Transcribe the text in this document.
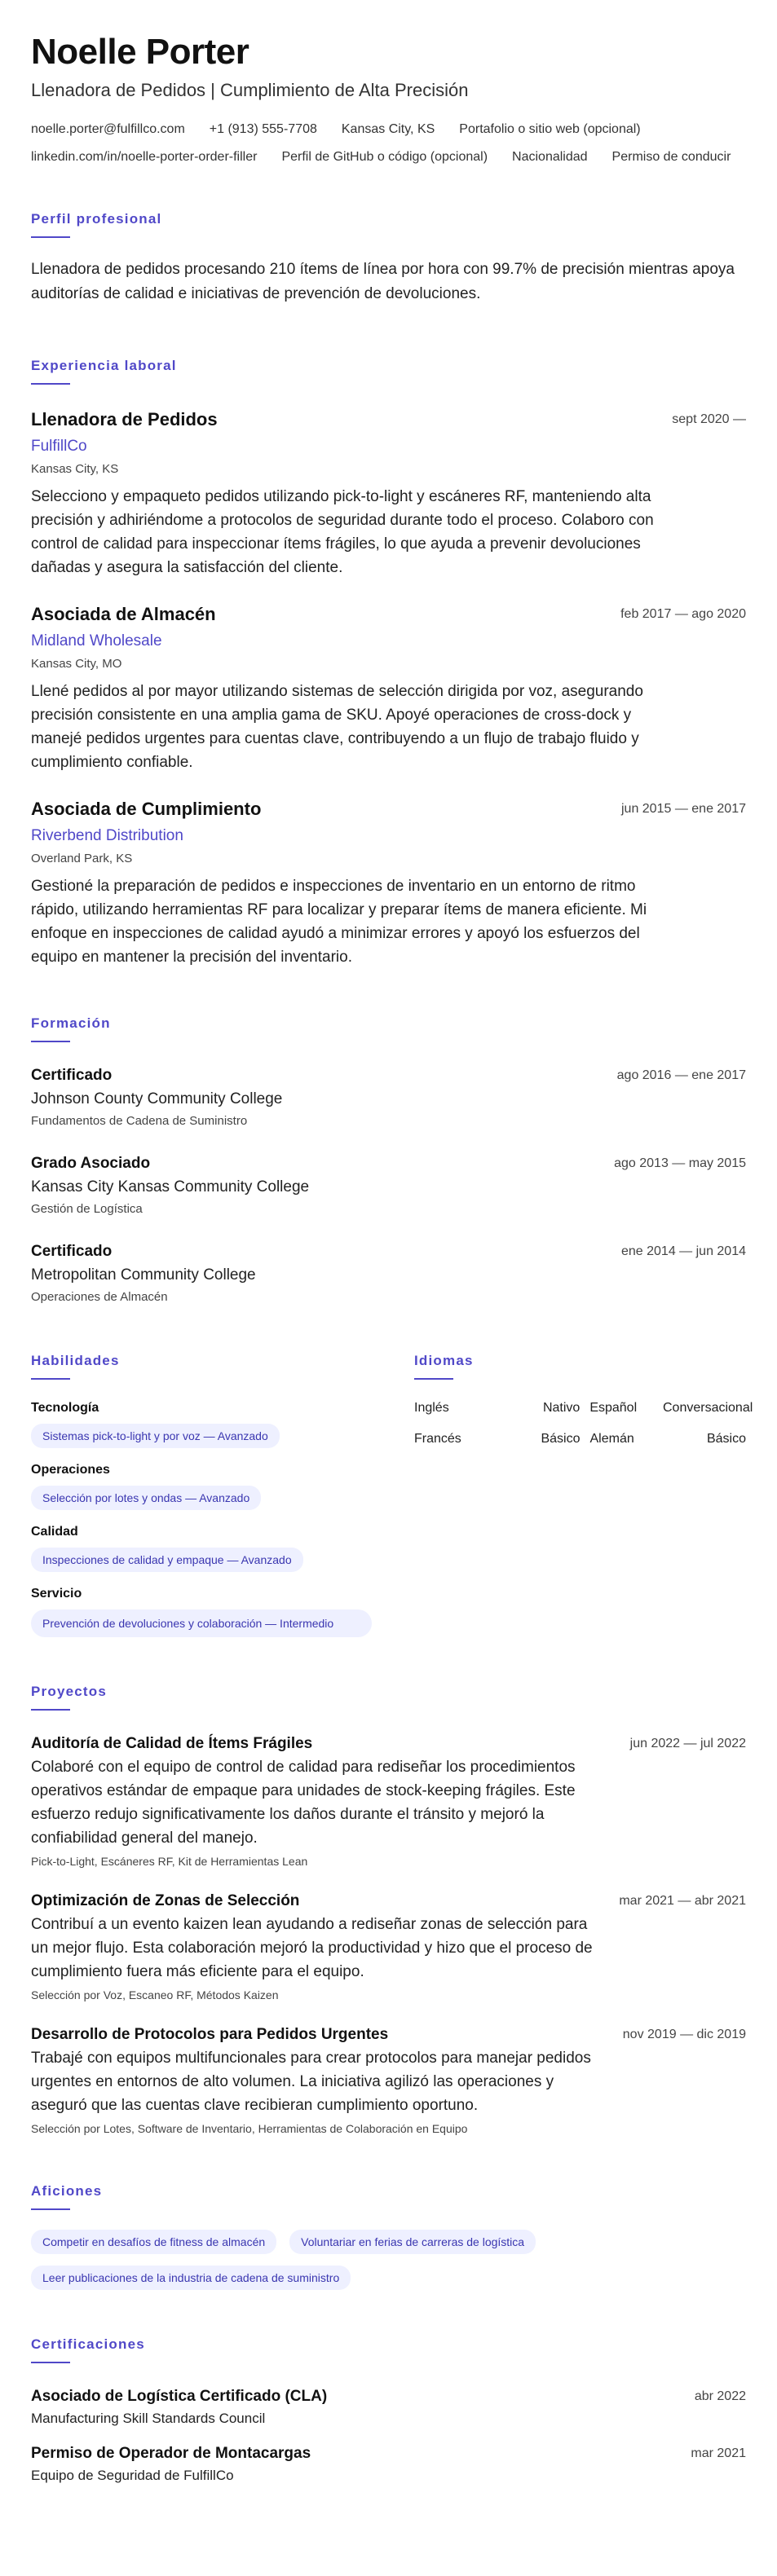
Noelle Porter
Llenadora de Pedidos | Cumplimiento de Alta Precisión
noelle.porter@fulfillco.com +1 (913) 555-7708 Kansas City, KS Portafolio o sitio web (opcional)
linkedin.com/in/noelle-porter-order-filler Perfil de GitHub o código (opcional) Nacionalidad Permiso de conducir
Perfil profesional

Llenadora de pedidos procesando 210 ítems de línea por hora con 99.7% de precisión mientras apoya auditorías de calidad e iniciativas de prevención de devoluciones.

Experiencia laboral
Llenadora de Pedidos	sept 2020 —
FulfillCo
Kansas City, KS

Selecciono y empaqueto pedidos utilizando pick-to-light y escáneres RF, manteniendo alta precisión y adhiriéndome a protocolos de seguridad durante todo el proceso. Colaboro con control de calidad para inspeccionar ítems frágiles, lo que ayuda a prevenir devoluciones dañadas y asegura la satisfacción del cliente.

Asociada de Almacén	feb 2017 — ago 2020
Midland Wholesale
Kansas City, MO

Llené pedidos al por mayor utilizando sistemas de selección dirigida por voz, asegurando precisión consistente en una amplia gama de SKU. Apoyé operaciones de cross-dock y manejé pedidos urgentes para cuentas clave, contribuyendo a un flujo de trabajo fluido y cumplimiento confiable.

Asociada de Cumplimiento	jun 2015 — ene 2017
Riverbend Distribution
Overland Park, KS

Gestioné la preparación de pedidos e inspecciones de inventario en un entorno de ritmo rápido, utilizando herramientas RF para localizar y preparar ítems de manera eficiente. Mi enfoque en inspecciones de calidad ayudó a minimizar errores y apoyó los esfuerzos del equipo en mantener la precisión del inventario.

Formación
Certificado	ago 2016 — ene 2017
Johnson County Community College
Fundamentos de Cadena de Suministro
Grado Asociado	ago 2013 — may 2015
Kansas City Kansas Community College
Gestión de Logística
Certificado	ene 2014 — jun 2014
Metropolitan Community College
Operaciones de Almacén
Habilidades
Tecnología
Sistemas pick-to-light y por voz — Avanzado
Operaciones
Selección por lotes y ondas — Avanzado
Calidad
Inspecciones de calidad y empaque — Avanzado
Servicio
Prevención de devoluciones y colaboración — Intermedio
Idiomas
Inglés	Nativo Español	Conversacional
Francés	Básico Alemán	Básico
Proyectos
Auditoría de Calidad de Ítems Frágiles	jun 2022 — jul 2022

Colaboré con el equipo de control de calidad para rediseñar los procedimientos operativos estándar de empaque para unidades de stock-keeping frágiles. Este esfuerzo redujo significativamente los daños durante el tránsito y mejoró la confiabilidad general del manejo.

Pick-to-Light, Escáneres RF, Kit de Herramientas Lean
Optimización de Zonas de Selección	mar 2021 — abr 2021

Contribuí a un evento kaizen lean ayudando a rediseñar zonas de selección para un mejor flujo. Esta colaboración mejoró la productividad y hizo que el proceso de cumplimiento fuera más eficiente para el equipo.

Selección por Voz, Escaneo RF, Métodos Kaizen
Desarrollo de Protocolos para Pedidos Urgentes	nov 2019 — dic 2019

Trabajé con equipos multifuncionales para crear protocolos para manejar pedidos urgentes en entornos de alto volumen. La iniciativa agilizó las operaciones y aseguró que las cuentas clave recibieran cumplimiento oportuno.

Selección por Lotes, Software de Inventario, Herramientas de Colaboración en Equipo
Aficiones
Competir en desafíos de fitness de almacén	Voluntariar en ferias de carreras de logística
Leer publicaciones de la industria de cadena de suministro
Certificaciones
Asociado de Logística Certificado (CLA)	abr 2022
Manufacturing Skill Standards Council
Permiso de Operador de Montacargas	mar 2021
Equipo de Seguridad de FulfillCo
